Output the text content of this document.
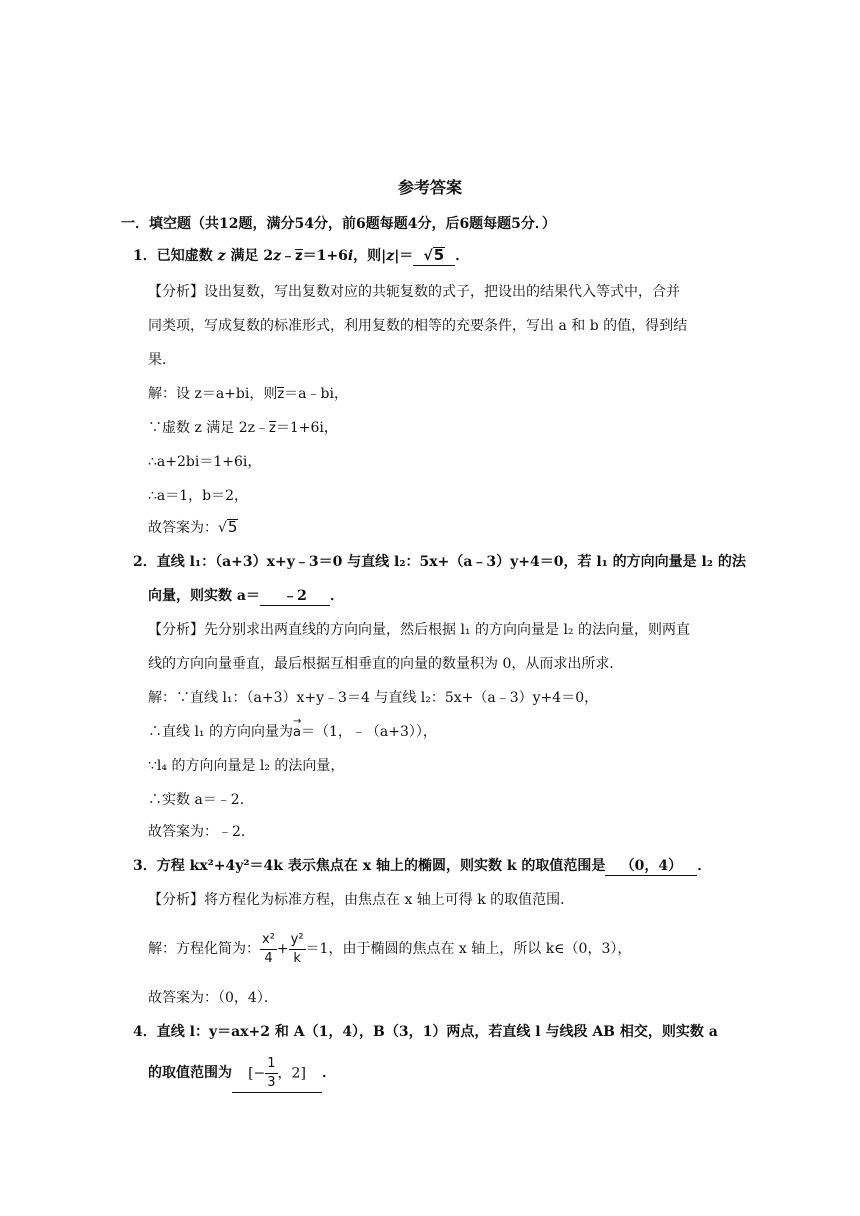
参考答案
一．填空题（共12题，满分54分，前6题每题4分，后6题每题5分．）
1．已知虚数 z 满足 2z﹣z＝1+6i，则|z|＝ √5 ．
【分析】设出复数，写出复数对应的共轭复数的式子，把设出的结果代入等式中，合并
同类项，写成复数的标准形式，利用复数的相等的充要条件，写出 a 和 b 的值，得到结
果．
解：设 z＝a+bi，则z＝a﹣bi，
∵虚数 z 满足 2z﹣z＝1+6i，
∴a+2bi＝1+6i，
∴a＝1，b＝2，
故答案为：√5
2．直线 l₁：（a+3）x+y﹣3＝0 与直线 l₂：5x+（a﹣3）y+4＝0，若 l₁ 的方向向量是 l₂ 的法
向量，则实数 a＝ ﹣2 ．
【分析】先分别求出两直线的方向向量，然后根据 l₁ 的方向向量是 l₂ 的法向量，则两直
线的方向向量垂直，最后根据互相垂直的向量的数量积为 0，从而求出所求．
解：∵直线 l₁：（a+3）x+y﹣3＝4 与直线 l₂：5x+（a﹣3）y+4＝0，
∴直线 l₁ 的方向向量为→ a＝（1，﹣（a+3）），
∵l₄ 的方向向量是 l₂ 的法向量，
∴实数 a＝﹣2．
故答案为：﹣2．
3．方程 kx²+4y²＝4k 表示焦点在 x 轴上的椭圆，则实数 k 的取值范围是 （0，4） ．
【分析】将方程化为标准方程，由焦点在 x 轴上可得 k 的取值范围．
解：方程化简为： $\frac{\text{x²}}{4} + \frac{\text{y²}}{k} =1$，由于椭圆的焦点在 x 轴上，所以 k∈（0，3），
故答案为：（0，4）．
4．直线 l：y＝ax+2 和 A（1，4），B（3，1）两点，若直线 l 与线段 AB 相交，则实数 a
的取值范围为 [− $\frac{1}{3}$ ，2] ．
